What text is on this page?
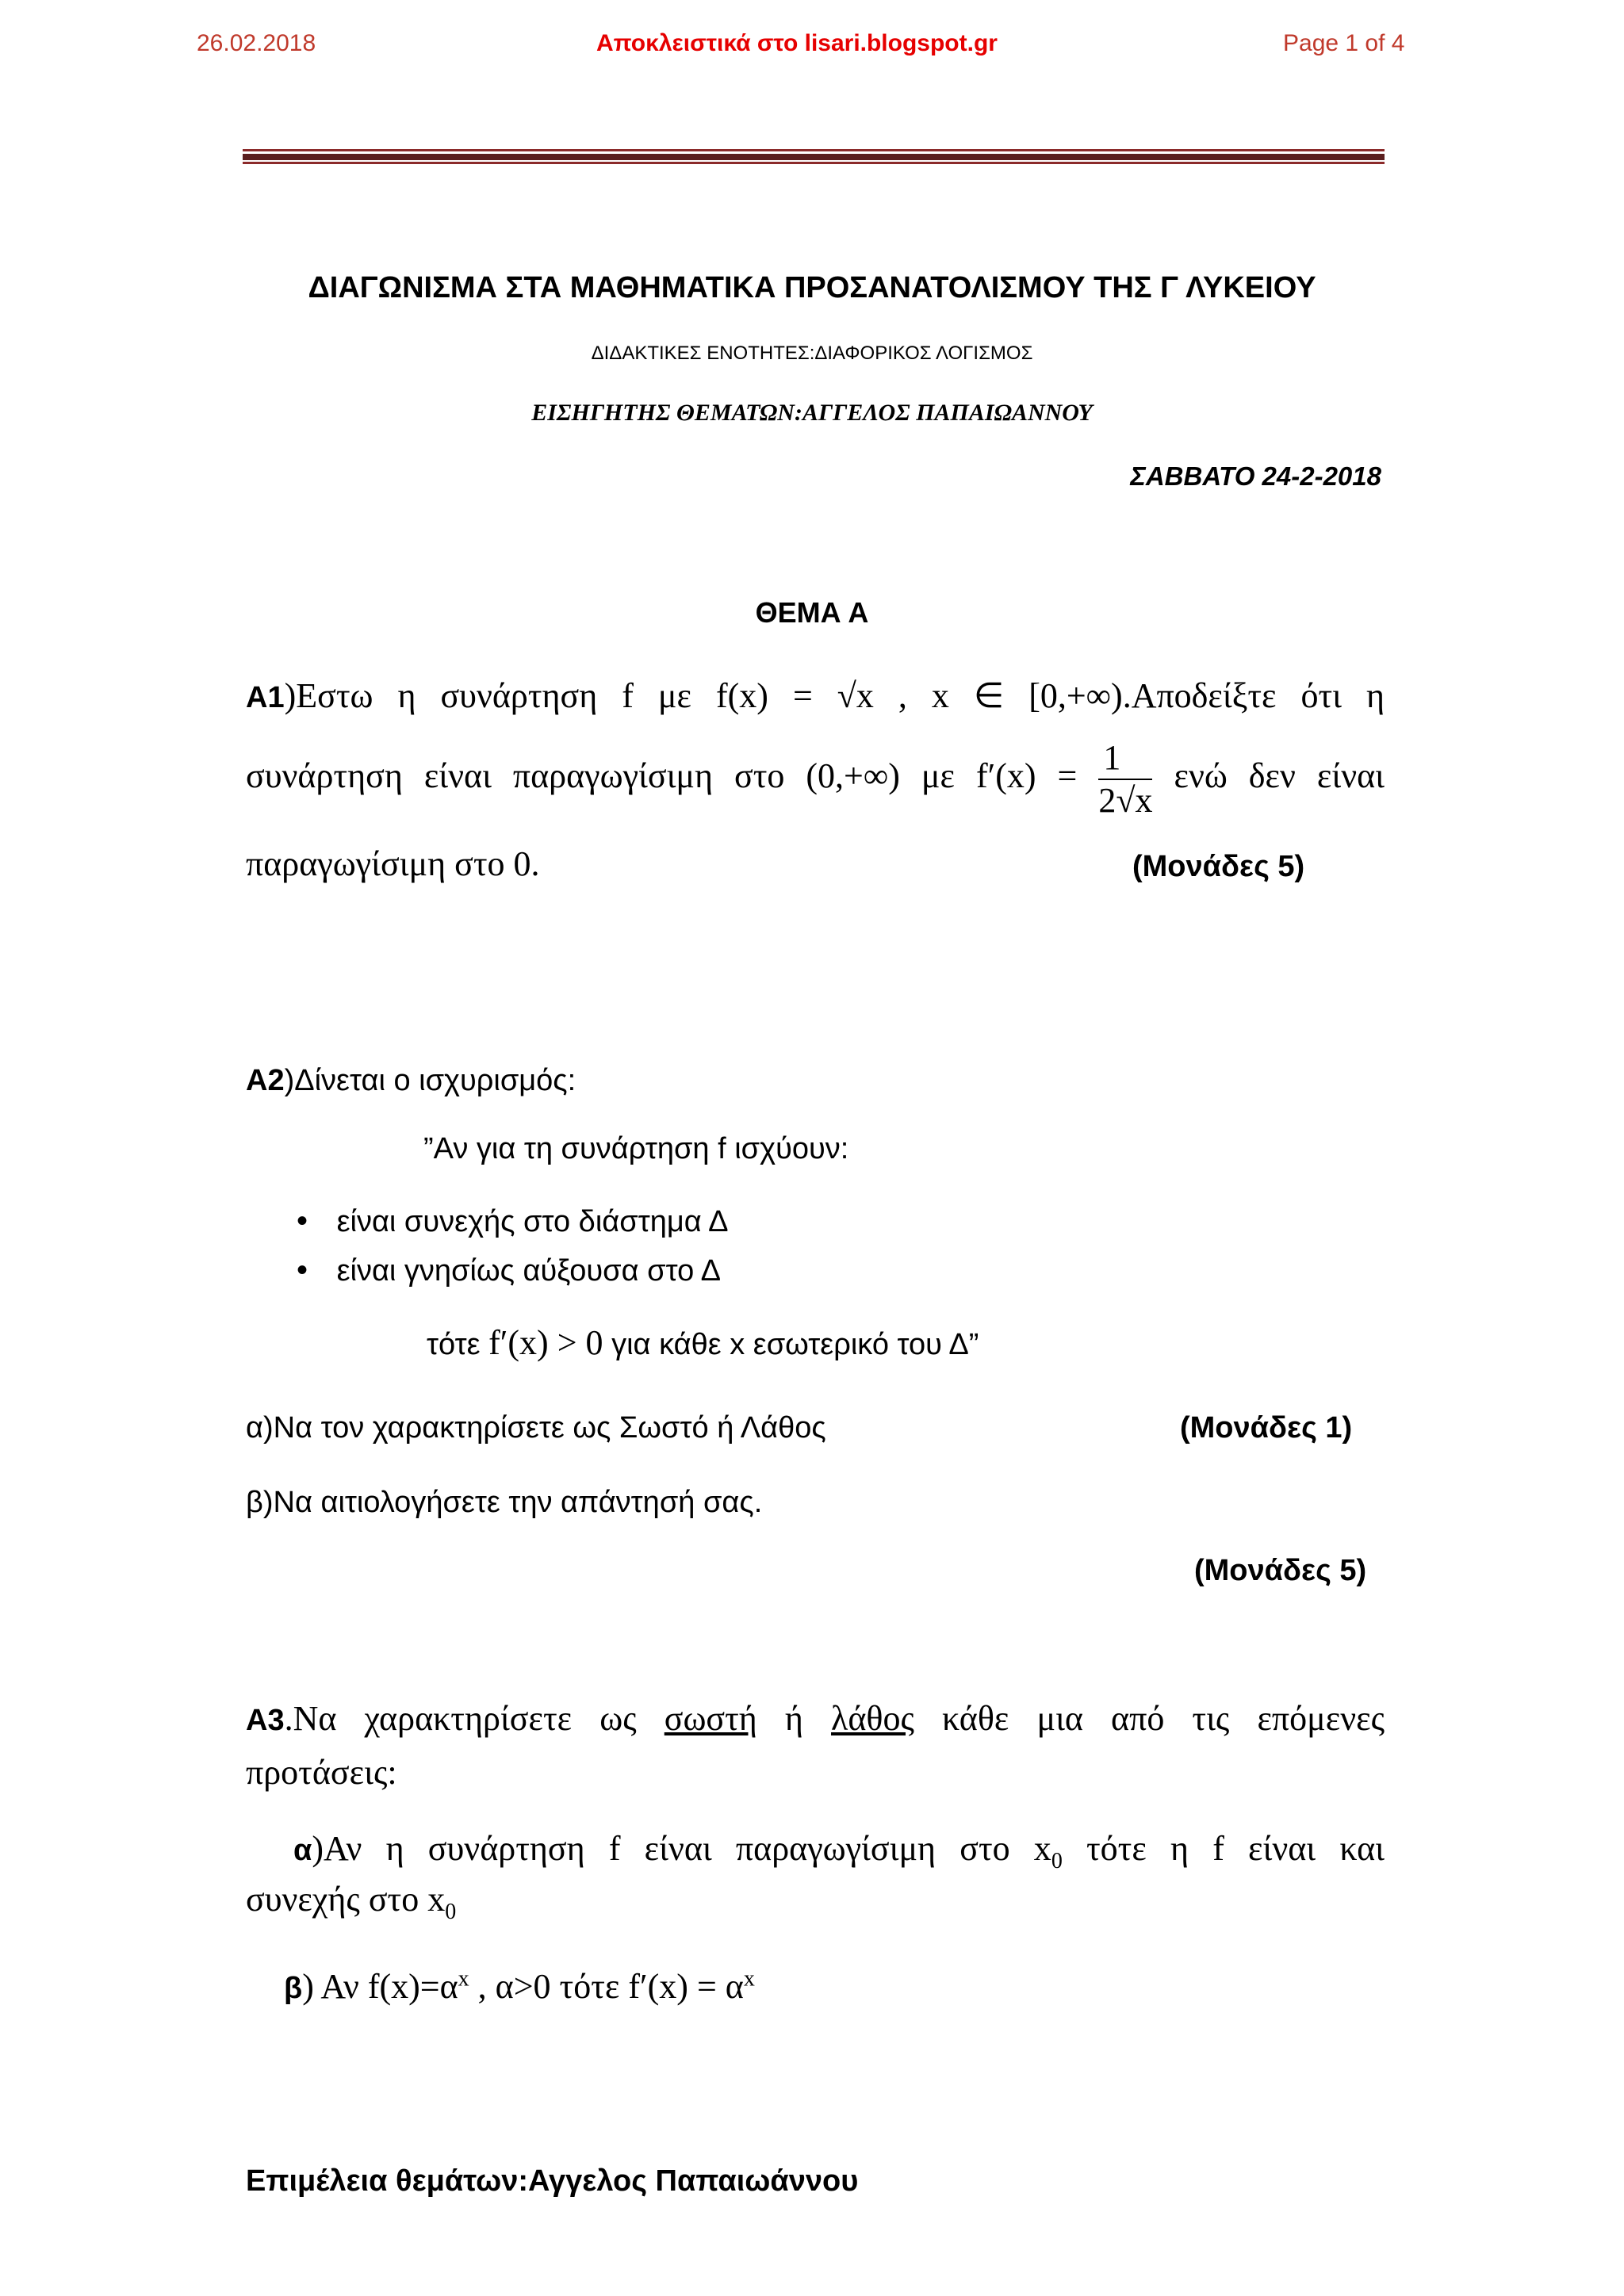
26.02.2018	Αποκλειστικά στο lisari.blogspot.gr	Page 1 of 4
ΔΙΑΓΩΝΙΣΜΑ ΣΤΑ ΜΑΘΗΜΑΤΙΚΑ ΠΡΟΣΑΝΑΤΟΛΙΣΜΟΥ ΤΗΣ Γ ΛΥΚΕΙΟΥ
ΔΙΔΑΚΤΙΚΕΣ ΕΝΟΤΗΤΕΣ:ΔΙΑΦΟΡΙΚΟΣ ΛΟΓΙΣΜΟΣ
ΕΙΣΗΓΗΤΗΣ ΘΕΜΑΤΩΝ:ΑΓΓΕΛΟΣ ΠΑΠΑΙΩΑΝΝΟΥ
ΣΑΒΒΑΤΟ 24-2-2018
ΘΕΜΑ Α
Α1)Εστω η συνάρτηση f με f(x) = √x , x ∈ [0,+∞).Αποδείξτε ότι η
συνάρτηση είναι παραγωγίσιμη στο (0,+∞) με $f'(x) = \frac{1}{2√x}$ ενώ δεν είναι
παραγωγίσιμη στο 0.	(Μονάδες 5)
Α2)Δίνεται ο ισχυρισμός:
”Αν για τη συνάρτηση f ισχύουν:
• είναι συνεχής στο διάστημα Δ
• είναι γνησίως αύξουσα στο Δ
τότε f′(x) > 0 για κάθε x εσωτερικό του Δ”
α)Να τον χαρακτηρίσετε ως Σωστό ή Λάθος	(Μονάδες 1)
β)Να αιτιολογήσετε την απάντησή σας.
(Μονάδες 5)
Α3.Να χαρακτηρίσετε ως σωστή ή λάθος κάθε μια από τις επόμενες
προτάσεις:
α)Αν η συνάρτηση f είναι παραγωγίσιμη στο $x_0$ τότε η f είναι και
συνεχής στο $x_0$
β) Αν $f(x)=\alpha^x$ , α>0 τότε $f'(x) = \alpha^x$
Επιμέλεια θεμάτων:Αγγελος Παπαιωάννου
